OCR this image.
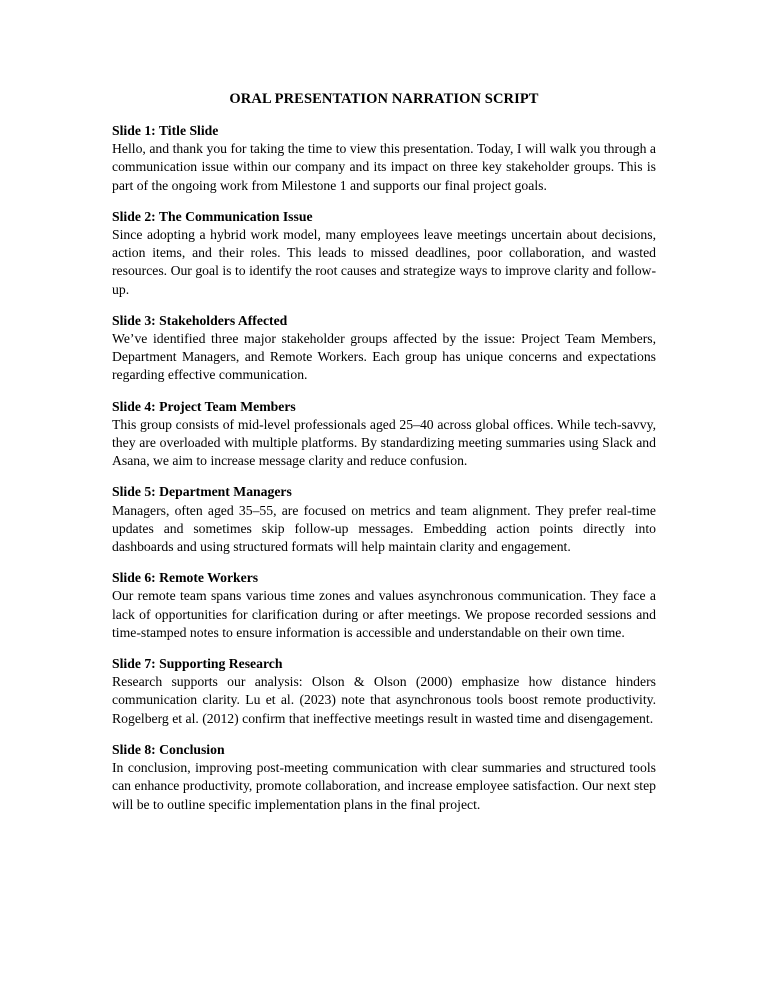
ORAL PRESENTATION NARRATION SCRIPT
Slide 1: Title Slide

Hello, and thank you for taking the time to view this presentation. Today, I will walk you through a communication issue within our company and its impact on three key stakeholder groups. This is part of the ongoing work from Milestone 1 and supports our final project goals.

Slide 2: The Communication Issue

Since adopting a hybrid work model, many employees leave meetings uncertain about decisions, action items, and their roles. This leads to missed deadlines, poor collaboration, and wasted resources. Our goal is to identify the root causes and strategize ways to improve clarity and follow-up.

Slide 3: Stakeholders Affected

We’ve identified three major stakeholder groups affected by the issue: Project Team Members, Department Managers, and Remote Workers. Each group has unique concerns and expectations regarding effective communication.

Slide 4: Project Team Members

This group consists of mid-level professionals aged 25–40 across global offices. While tech-savvy, they are overloaded with multiple platforms. By standardizing meeting summaries using Slack and Asana, we aim to increase message clarity and reduce confusion.

Slide 5: Department Managers

Managers, often aged 35–55, are focused on metrics and team alignment. They prefer real-time updates and sometimes skip follow-up messages. Embedding action points directly into dashboards and using structured formats will help maintain clarity and engagement.

Slide 6: Remote Workers

Our remote team spans various time zones and values asynchronous communication. They face a lack of opportunities for clarification during or after meetings. We propose recorded sessions and time-stamped notes to ensure information is accessible and understandable on their own time.

Slide 7: Supporting Research

Research supports our analysis: Olson & Olson (2000) emphasize how distance hinders communication clarity. Lu et al. (2023) note that asynchronous tools boost remote productivity. Rogelberg et al. (2012) confirm that ineffective meetings result in wasted time and disengagement.

Slide 8: Conclusion

In conclusion, improving post-meeting communication with clear summaries and structured tools can enhance productivity, promote collaboration, and increase employee satisfaction. Our next step will be to outline specific implementation plans in the final project.
